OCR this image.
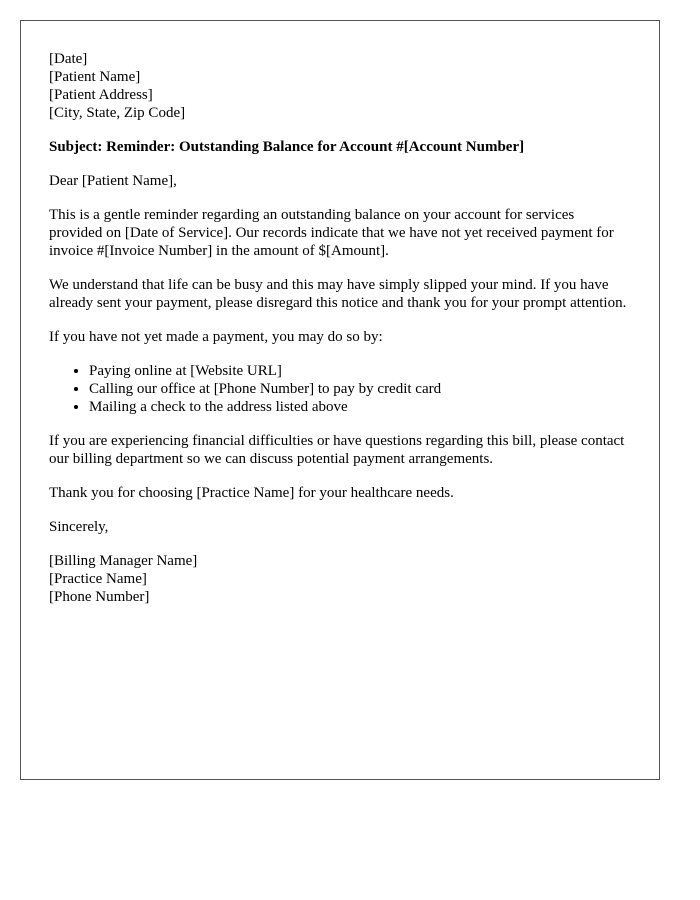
[Date]

[Patient Name]

[Patient Address]

[City, State, Zip Code]

Subject: Reminder: Outstanding Balance for Account #[Account Number]

Dear [Patient Name],

This is a gentle reminder regarding an outstanding balance on your account for services provided on [Date of Service]. Our records indicate that we have not yet received payment for invoice #[Invoice Number] in the amount of $[Amount].

We understand that life can be busy and this may have simply slipped your mind. If you have already sent your payment, please disregard this notice and thank you for your prompt attention.

If you have not yet made a payment, you may do so by:

• Paying online at [Website URL]
• Calling our office at [Phone Number] to pay by credit card
• Mailing a check to the address listed above

If you are experiencing financial difficulties or have questions regarding this bill, please contact our billing department so we can discuss potential payment arrangements.

Thank you for choosing [Practice Name] for your healthcare needs.

Sincerely,

[Billing Manager Name]

[Practice Name]

[Phone Number]
